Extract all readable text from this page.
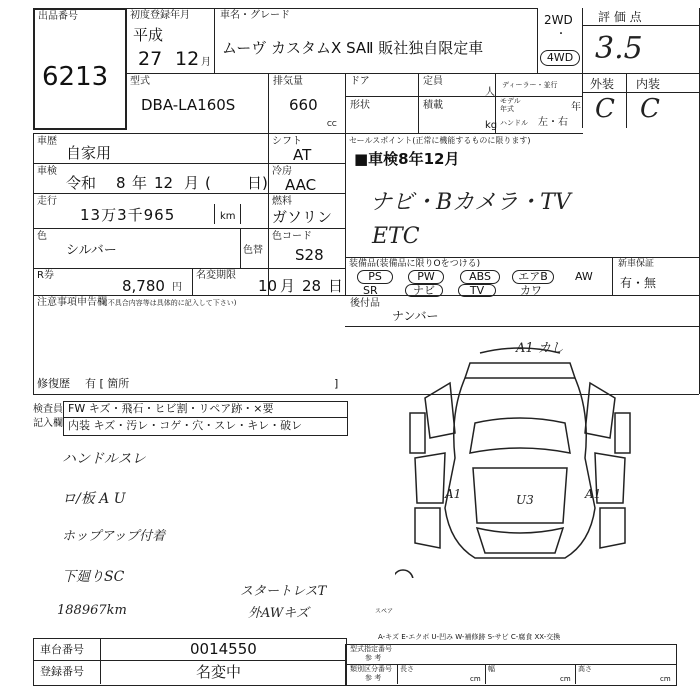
出品番号
6213
初度登録年月
平成
27 12 月
車名・グレード
ムーヴ カスタムX SAⅡ 販社独自限定車
2WD
・
4WD
評 価 点
3.5
外装 内装
C C
型式
DBA-LA160S
排気量
660
CC
ドア
形状
定員
人
積載
kg
ディーラー・並行
モデル
年式	年
ハンドル 左・右
車歴
自家用
シフト
AT
車検
令和 8 年 12 月 ( 日)
冷房
AAC
走行
13万3千965	km
燃料
ガソリン
色
シルバー	色替
色コード
S28
R券
8,780 円
名変期限
10 月 28 日
セールスポイント(正常に機能するものに限ります)
■車検8年12月
ナビ・Bカメラ・TV
ETC
装備品(装備品に限りOをつける)	新車保証
有・無
PS	PW	ABS	エアB	AW
SR	ナビ	TV	カワ
注意事項申告欄
(不具合内容等は具体的に記入して下さい)
修復歴 有 [ 箇所	]
後付品
ナンバー
検査員
記入欄
FW キズ・飛石・ヒビ割・リペア跡・×要
内装 キズ・汚レ・コゲ・穴・スレ・キレ・破レ
ハンドルスレ
ロ/板 A U
ホップアップ付着
下廻りSC
188967km
スタートレスT
外AWキズ
A1 カし
A1	U3	A1
スペア
A-キズ E-エクボ U-凹み W-補修跡 S-サビ C-腐食 XX-交換
車台番号	0014550
登録番号	名変中
型式指定番号
参 考
類別区分番号
参 考
長さ
cm
幅
cm
高さ
cm
